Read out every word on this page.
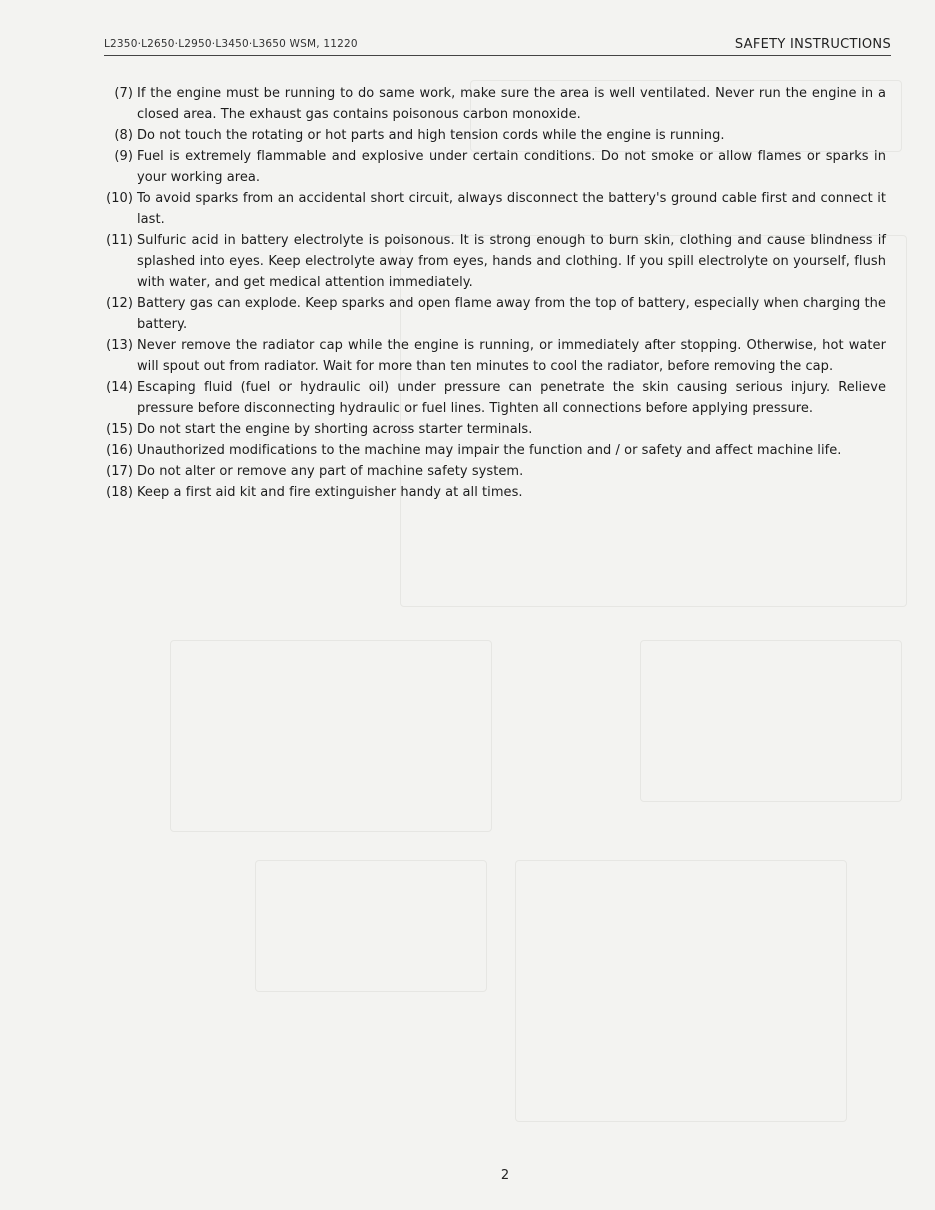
L2350·L2650·L2950·L3450·L3650 WSM, 11220	SAFETY INSTRUCTIONS
(7) If the engine must be running to do same work, make sure the area is well ventilated. Never run the engine in a closed area. The exhaust gas contains poisonous carbon monoxide.
(8) Do not touch the rotating or hot parts and high tension cords while the engine is running.
(9) Fuel is extremely flammable and explosive under certain conditions. Do not smoke or allow flames or sparks in your working area.
(10) To avoid sparks from an accidental short circuit, always disconnect the battery's ground cable first and connect it last.
(11) Sulfuric acid in battery electrolyte is poisonous. It is strong enough to burn skin, clothing and cause blindness if splashed into eyes. Keep electrolyte away from eyes, hands and clothing. If you spill electrolyte on yourself, flush with water, and get medical attention immediately.
(12) Battery gas can explode. Keep sparks and open flame away from the top of battery, especially when charging the battery.
(13) Never remove the radiator cap while the engine is running, or immediately after stopping. Otherwise, hot water will spout out from radiator. Wait for more than ten minutes to cool the radiator, before removing the cap.
(14) Escaping fluid (fuel or hydraulic oil) under pressure can penetrate the skin causing serious injury. Relieve pressure before disconnecting hydraulic or fuel lines. Tighten all connections before applying pressure.
(15) Do not start the engine by shorting across starter terminals.
(16) Unauthorized modifications to the machine may impair the function and / or safety and affect machine life.
(17) Do not alter or remove any part of machine safety system.
(18) Keep a first aid kit and fire extinguisher handy at all times.
2
